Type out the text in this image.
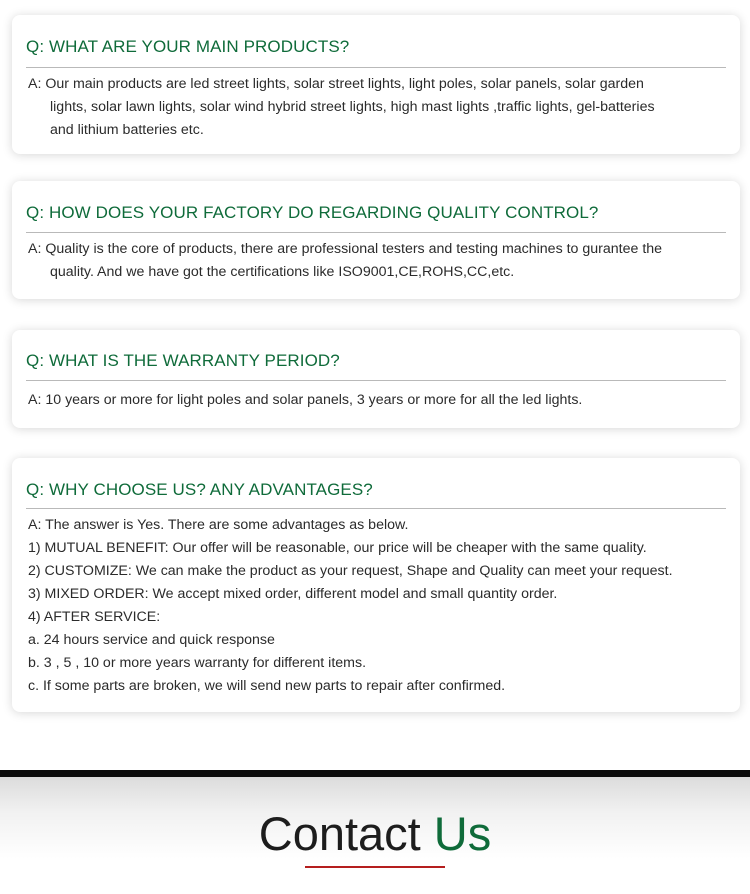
Q: WHAT ARE YOUR MAIN PRODUCTS?
A: Our main products are led street lights, solar street lights, light poles, solar panels, solar garden
lights, solar lawn lights, solar wind hybrid street lights, high mast lights ,traffic lights, gel-batteries
and lithium batteries etc.
Q: HOW DOES YOUR FACTORY DO REGARDING QUALITY CONTROL?
A: Quality is the core of products, there are professional testers and testing machines to gurantee the
quality. And we have got the certifications like ISO9001,CE,ROHS,CC,etc.
Q: WHAT IS THE WARRANTY PERIOD?
A: 10 years or more for light poles and solar panels, 3 years or more for all the led lights.
Q: WHY CHOOSE US? ANY ADVANTAGES?
A: The answer is Yes. There are some advantages as below.
1) MUTUAL BENEFIT: Our offer will be reasonable, our price will be cheaper with the same quality.
2) CUSTOMIZE: We can make the product as your request, Shape and Quality can meet your request.
3) MIXED ORDER: We accept mixed order, different model and small quantity order.
4) AFTER SERVICE:
a. 24 hours service and quick response
b. 3 , 5 , 10 or more years warranty for different items.
c. If some parts are broken, we will send new parts to repair after confirmed.
Contact Us
